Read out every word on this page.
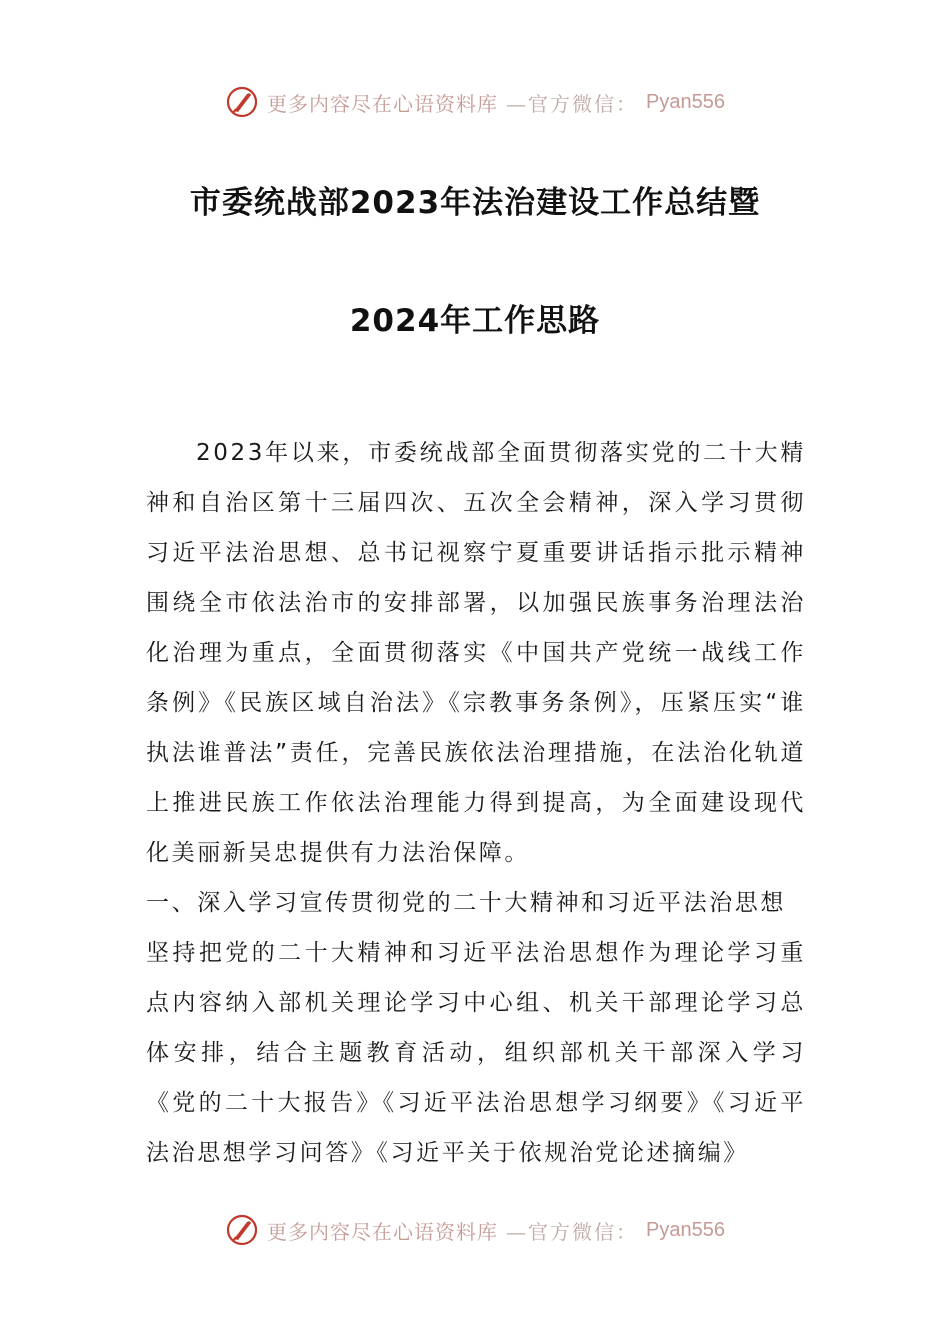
更多内容尽在心语资料库 —官方微信： Pyan556
市委统战部2023年法治建设工作总结暨
2024年工作思路

2023年以来，市委统战部全面贯彻落实党的二十大精神和自治区第十三届四次、五次全会精神，深入学习贯彻习近平法治思想、总书记视察宁夏重要讲话指示批示精神围绕全市依法治市的安排部署，以加强民族事务治理法治化治理为重点，全面贯彻落实《中国共产党统一战线工作条例》《民族区域自治法》《宗教事务条例》，压紧压实“谁执法谁普法”责任，完善民族依法治理措施，在法治化轨道上推进民族工作依法治理能力得到提高，为全面建设现代化美丽新吴忠提供有力法治保障。

一、深入学习宣传贯彻党的二十大精神和习近平法治思想

坚持把党的二十大精神和习近平法治思想作为理论学习重点内容纳入部机关理论学习中心组、机关干部理论学习总体安排，结合主题教育活动，组织部机关干部深入学习《党的二十大报告》《习近平法治思想学习纲要》《习近平法治思想学习问答》《习近平关于依规治党论述摘编》

更多内容尽在心语资料库 —官方微信： Pyan556
